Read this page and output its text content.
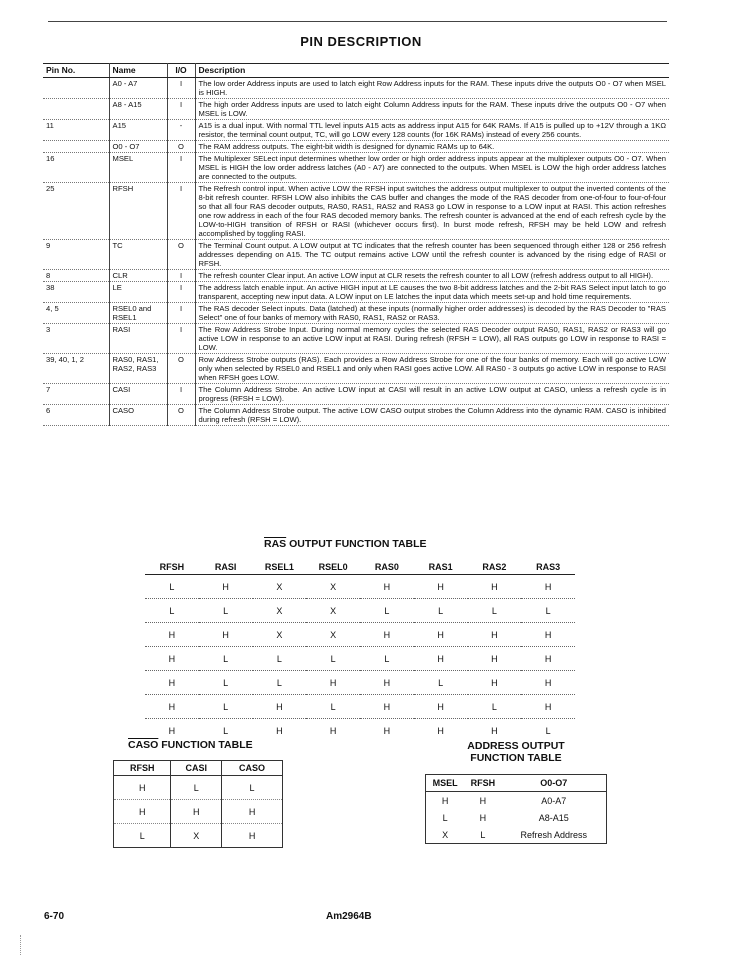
PIN DESCRIPTION
Pin No.	Name	I/O	Description
	A0 - A7	I	The low order Address inputs are used to latch eight Row Address inputs for the RAM. These inputs drive the outputs O0 - O7 when MSEL is HIGH.
	A8 - A15	I	The high order Address inputs are used to latch eight Column Address inputs for the RAM. These inputs drive the outputs O0 - O7 when MSEL is LOW.
11	A15	-	A15 is a dual input. With normal TTL level inputs A15 acts as address input A15 for 64K RAMs. If A15 is pulled up to +12V through a 1KΩ resistor, the terminal count output, TC, will go LOW every 128 counts (for 16K RAMs) instead of every 256 counts.
	O0 - O7	O	The RAM address outputs. The eight-bit width is designed for dynamic RAMs up to 64K.
16	MSEL	I	The Multiplexer SELect input determines whether low order or high order address inputs appear at the multiplexer outputs O0 - O7. When MSEL is HIGH the low order address latches (A0 - A7) are connected to the outputs. When MSEL is LOW the high order address latches are connected to the outputs.
25	RFSH	I	The Refresh control input. When active LOW the RFSH input switches the address output multiplexer to output the inverted contents of the 8-bit refresh counter. RFSH LOW also inhibits the CAS buffer and changes the mode of the RAS decoder from one-of-four to four-of-four so that all four RAS decoder outputs, RAS0, RAS1, RAS2 and RAS3 go LOW in response to a LOW input at RASI. This action refreshes one row address in each of the four RAS decoded memory banks. The refresh counter is advanced at the end of each refresh cycle by the LOW-to-HIGH transition of RFSH or RASI (whichever occurs first). In burst mode refresh, RFSH may be held LOW and refresh accomplished by toggling RASI.
9	TC	O	The Terminal Count output. A LOW output at TC indicates that the refresh counter has been sequenced through either 128 or 256 refresh addresses depending on A15. The TC output remains active LOW until the refresh counter is advanced by the rising edge of RASI or RFSH.
8	CLR	I	The refresh counter Clear input. An active LOW input at CLR resets the refresh counter to all LOW (refresh address output to all HIGH).
38	LE	I	The address latch enable input. An active HIGH input at LE causes the two 8-bit address latches and the 2-bit RAS Select input latch to go transparent, accepting new input data. A LOW input on LE latches the input data which meets set-up and hold time requirements.
4, 5	RSEL0 and RSEL1	I	The RAS decoder Select inputs. Data (latched) at these inputs (normally higher order addresses) is decoded by the RAS Decoder to "RAS Select" one of four banks of memory with RAS0, RAS1, RAS2 or RAS3.
3	RASI	I	The Row Address Strobe Input. During normal memory cycles the selected RAS Decoder output RAS0, RAS1, RAS2 or RAS3 will go active LOW in response to an active LOW input at RASI. During refresh (RFSH = LOW), all RAS outputs go LOW in response to RASI = LOW.
39, 40, 1, 2	RAS0, RAS1, RAS2, RAS3	O	Row Address Strobe outputs (RAS). Each provides a Row Address Strobe for one of the four banks of memory. Each will go active LOW only when selected by RSEL0 and RSEL1 and only when RASI goes active LOW. All RAS0 - 3 outputs go active LOW in response to RASI when RFSH goes LOW.
7	CASI	I	The Column Address Strobe. An active LOW input at CASI will result in an active LOW output at CASO, unless a refresh cycle is in progress (RFSH = LOW).
6	CASO	O	The Column Address Strobe output. The active LOW CASO output strobes the Column Address into the dynamic RAM. CASO is inhibited during refresh (RFSH = LOW).
$\overline{RAS}$ OUTPUT FUNCTION TABLE
RFSH	RASI	RSEL1	RSEL0	RAS0	RAS1	RAS2	RAS3
L	H	X	X	H	H	H	H
L	L	X	X	L	L	L	L
H	H	X	X	H	H	H	H
H	L	L	L	L	H	H	H
H	L	L	H	H	L	H	H
H	L	H	L	H	H	L	H
H	L	H	H	H	H	H	L
CASO FUNCTION TABLE
RFSH	CASI	CASO
H	L	L
H	H	H
L	X	H
ADDRESS OUTPUT
FUNCTION TABLE
MSEL	RFSH	O0-O7
H	H	A0-A7
L	H	A8-A15
X	L	Refresh Address
6-70	Am2964B
